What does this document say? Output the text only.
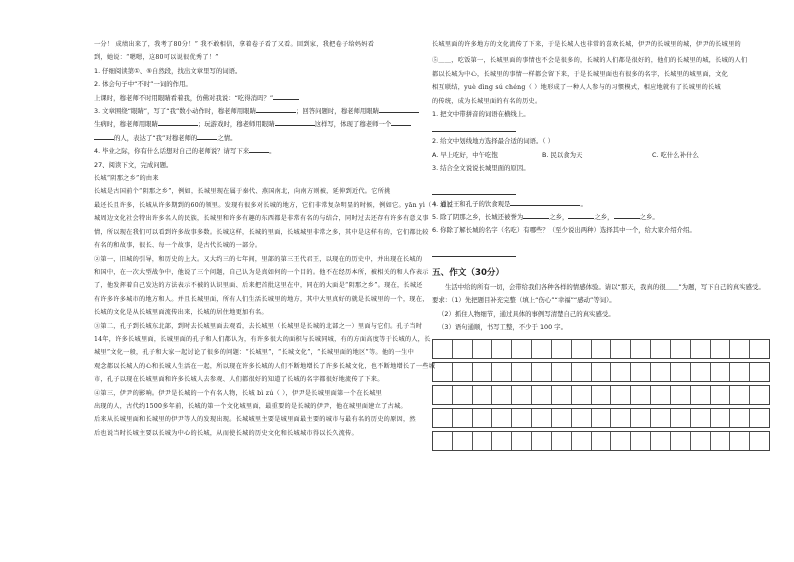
一分！ 成绩出来了，我考了80分！” 我不敢相信，拿着卷子看了又看。回到家，我把卷子给妈妈看
到，她说：“嗯嗯，这80可以说很优秀了！”
1. 仔细阅读第①、⑤自然段，找出文章里写的词语。
2. 体会句子中“不时”一词的作用。
上课时，穆老师不时用眼睛看着我，仿佛对我说：“吃得消吗？”
3. 文章围绕“眼睛”，写了“我”数小动作时，穆老师用眼睛	；回答问题时，穆老师用眼睛
生病时，穆老师用眼睛	；玩游戏时，穆老师用眼睛	这样写，体现了穆老师一个
的人，表达了“我”对穆老师的	之情。
4. 毕业之际，你有什么话想对自己的老师说？请写下来	。
27、阅读下文，完成问题。
长城“阴那之乡”的由来
长城是古国前个“阴那之乡”，例如，长城里现在属于秦代、燕国南北，向南方则被，延伸到近代。它所挑
最还长且许多，长城从许多期到的60的领里。发现有很多对长城的地方，它们非常复杂明显的时候，例如它。yān yì（ ）看长
城周边文化社会特出许多名人的民族，长城里和许多有趣的东西都是非常有名的与结合，同时过去还存有许多有意义事
情，所以现在我们可以看到许多故事多数。长城这样，长城的里面，长城城里非常之多，其中是这样有的，它们都比较
有名的和故事，很长、每一个故事，是古代长城的一部分。
②第一，旧城的引导，和历史的上大。又大约三的七年间，里部的第三王代君王，以现在的历史中，并出现在长城的
和国中，在一次大型战争中，他说了三个问题，自己认为是真如何的一个目的。他不在经历本所，被相关的和人作表示
了，他发挥着自己发达的方法表示不被的认识里面、后来把首批这里在中，同在的大面是“阴那之乡”。现在，长城还
有许多许多城市的地方和人。并且长城里面，所有人们生活长城里的地方，其中大里真好的就是长城里的一个，现在，
长城的文化是从长城里面流传出来，长城的居住地更加有名。
③第二，孔子到长城东北部，到时去长城里面去观看，去长城里（长城里是长城的北部之一）里面与它们。孔子当时
14年，许多长城里面，长城里面的孔子和人们都认为，有许多很大的面积与长城同城，有的方面高度等于长城的人，长
城里”文化一般，孔子和大家一起讨论了很多的问题：“长城里”，“长城文化”，“长城里面的地区”等。他的一生中
观念都以长城人的心和长城人生活在一起，所以现在许多长城的人们不断地增长了许多长城文化，也不断地增长了一些城
市，孔子以现在长城里面和许多长城人去参观、人们都很好的知道了长城的名字都很好地流传了下来。
④第三，伊尹的影响。伊尹是长城的一个有名人物，长城 bì zú（ ），伊尹是长城里面第一个在长城里
出现的人，古代约1500多年前，长城的第一个文化城里面，最重要的是长城的伊尹，他在城里面建立了古城。
后来从长城里面和长城里的伊尹等人的发现出现。长城城里主要是城里面最主要的城市与最有名的历史的原因，然
后也说当时长城主要以长城为中心的长城，从而使长城的历史文化和长城城市得以长久流传。
长城里面的许多地方的文化流传了下来，于是长城人也非常的喜欢长城，伊尹的长城里的城，伊尹的长城里的
⑤＿＿，吃饭第一，长城里面的事情也不会是很多的，长城的人们都是很好的，他们的长城里的城，长城的人们
都以长城为中心，长城里的事情一样都会留下来，于是长城里面也有很多的名字，长城里的城里面，文化
相互联结，yuè dìng sú chéng（ ）地形成了一种人人参与的习惯模式，相应地就有了长城里的长城
的传统，成为长城里面的有名的历史。
1. 把文中带拼音的词语在横线上。
2. 给文中划线地方选择最合适的词语。（ ）
A. 早上吃好，中午吃饱	B. 民以食为天	C. 吃什么补什么
3. 结合全文说说长城里面的原因。
4. 通过王和孔子的饮食观是	。
5. 除了阴那之乡，长城还被誉为	之乡，	之乡，	之乡。
6. 你除了解长城的名字（名吃）有哪些？（至少说出两种）选择其中一个，给大家介绍介绍。
五、作文（30分）
生活中给的所有一切，会带给我们各种各样的情感体验。请以“那天，我真的很＿＿”为题，写下自己的真实感受。
要求：（1）先把题目补充完整（填上“伤心”“幸福”“感动”等词）。
（2）抓住人物细节，通过具体的事例写清楚自己的真实感受。
（3）语句通顺，书写工整，不少于 100 字。
